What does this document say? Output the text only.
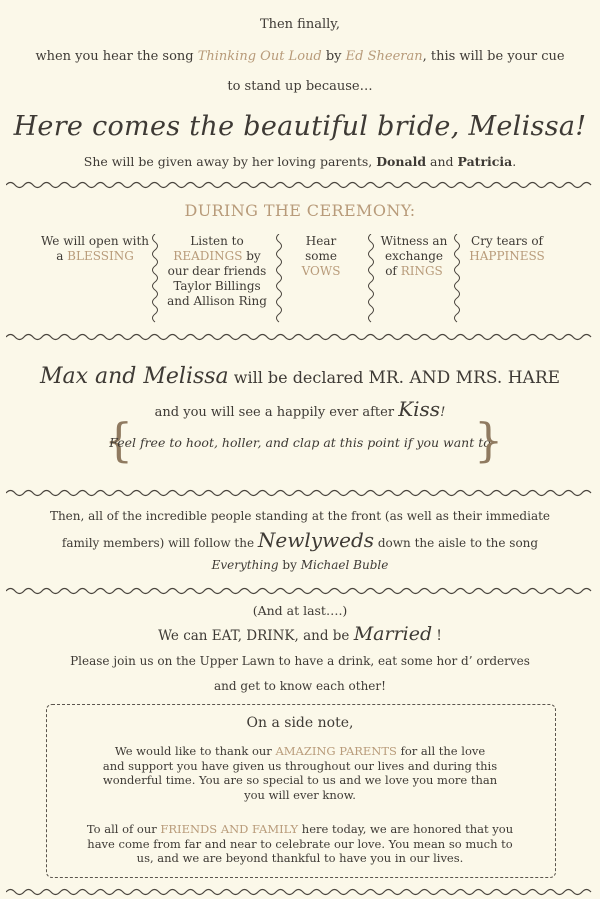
Then finally,
when you hear the song Thinking Out Loud by Ed Sheeran, this will be your cue
to stand up because…
Here comes the beautiful bride, Melissa!
She will be given away by her loving parents, Donald and Patricia.
DURING THE CEREMONY:
We will open with a BLESSING
Listen to READINGS by our dear friends Taylor Billings and Allison Ring
Hear some VOWS
Witness an exchange of RINGS
Cry tears of HAPPINESS
Max and Melissa will be declared MR. AND MRS. HARE
and you will see a happily ever after Kiss!
{
Feel free to hoot, holler, and clap at this point if you want to
}
Then, all of the incredible people standing at the front (as well as their immediate
family members) will follow the Newlyweds down the aisle to the song
Everything by Michael Buble
(And at last….)
We can EAT, DRINK, and be Married !
Please join us on the Upper Lawn to have a drink, eat some hor d’ orderves
and get to know each other!
On a side note,
We would like to thank our AMAZING PARENTS for all the love
and support you have given us throughout our lives and during this
wonderful time. You are so special to us and we love you more than
you will ever know.
To all of our FRIENDS AND FAMILY here today, we are honored that you
have come from far and near to celebrate our love. You mean so much to
us, and we are beyond thankful to have you in our lives.
